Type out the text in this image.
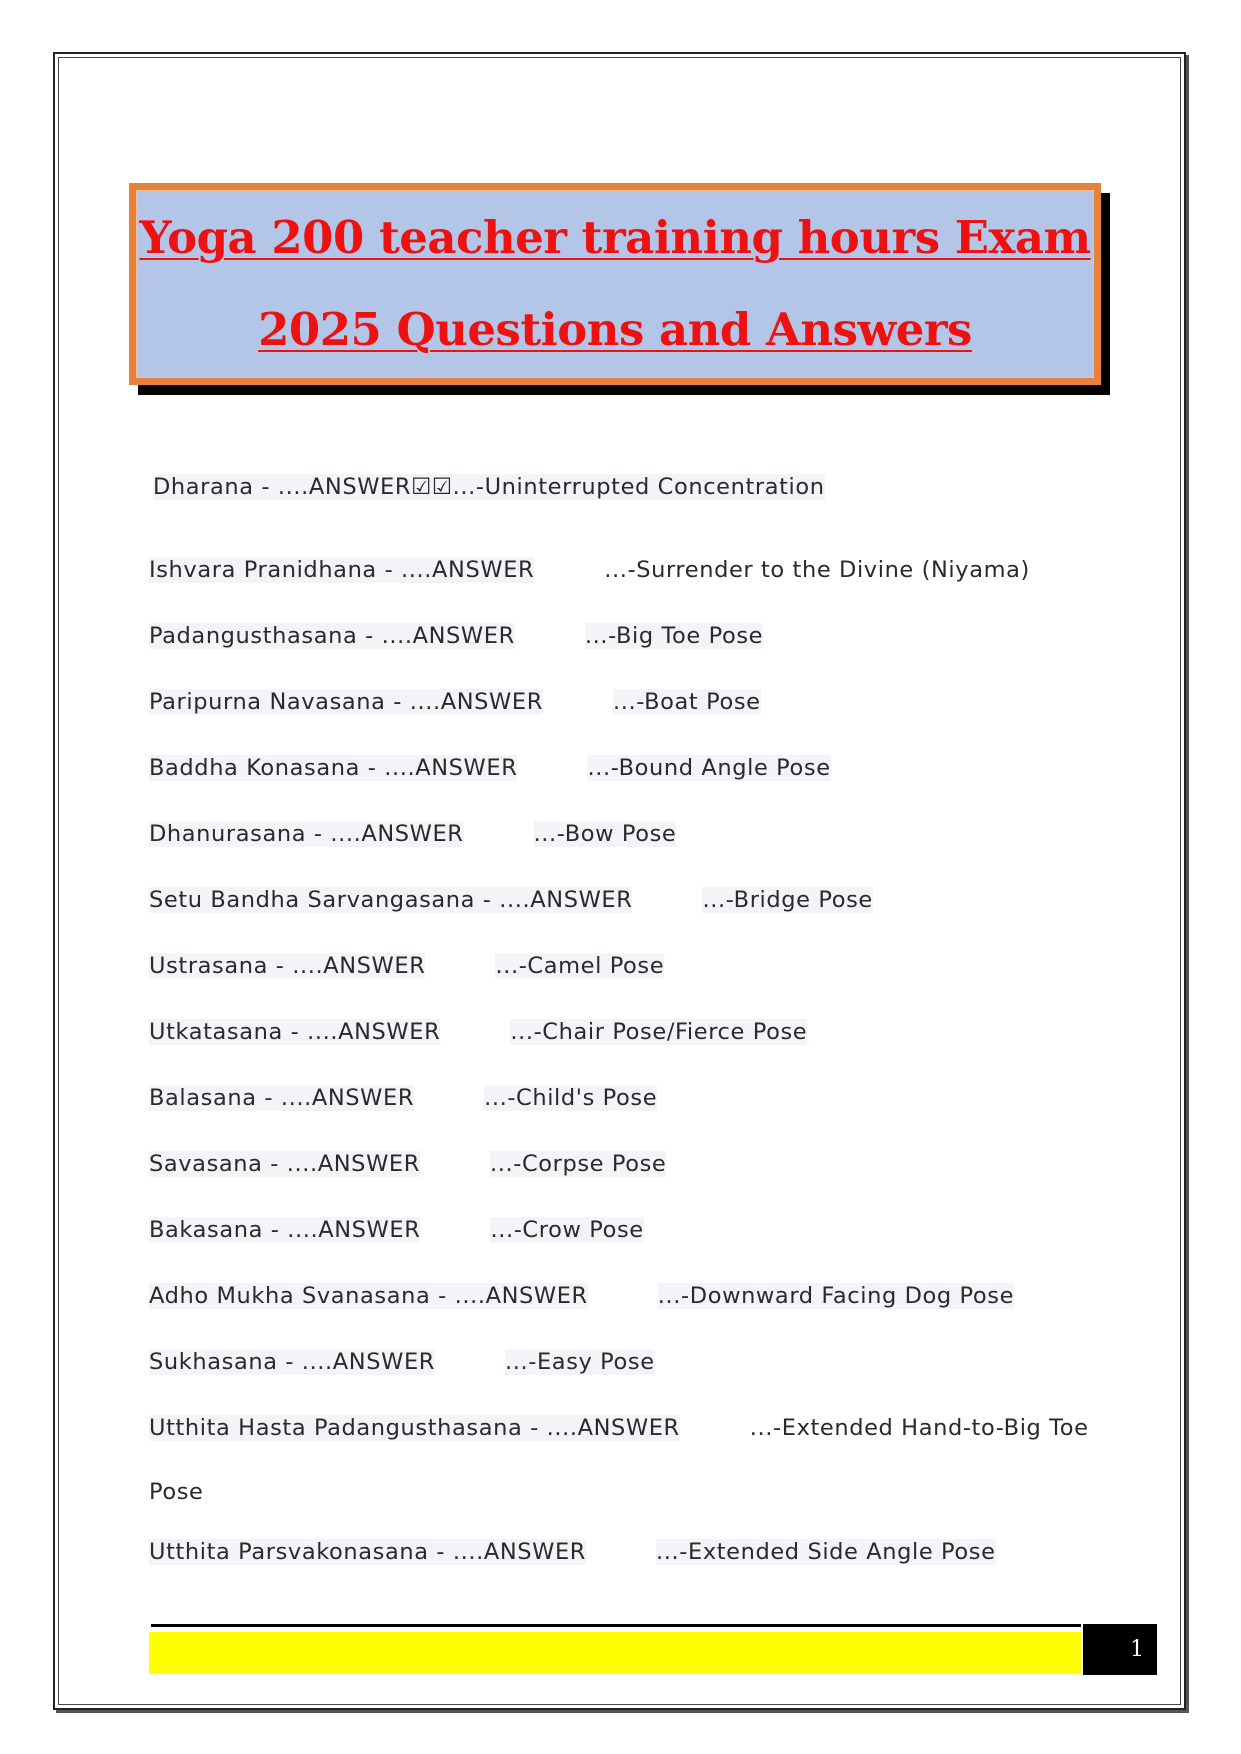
Yoga 200 teacher training hours Exam
2025 Questions and Answers
Dharana - ....ANSWER☑☑...-Uninterrupted Concentration
Ishvara Pranidhana - ....ANSWER	...-Surrender to the Divine (Niyama)
Padangusthasana - ....ANSWER	...-Big Toe Pose
Paripurna Navasana - ....ANSWER	...-Boat Pose
Baddha Konasana - ....ANSWER	...-Bound Angle Pose
Dhanurasana - ....ANSWER	...-Bow Pose
Setu Bandha Sarvangasana - ....ANSWER	...-Bridge Pose
Ustrasana - ....ANSWER	...-Camel Pose
Utkatasana - ....ANSWER	...-Chair Pose/Fierce Pose
Balasana - ....ANSWER	...-Child's Pose
Savasana - ....ANSWER	...-Corpse Pose
Bakasana - ....ANSWER	...-Crow Pose
Adho Mukha Svanasana - ....ANSWER	...-Downward Facing Dog Pose
Sukhasana - ....ANSWER	...-Easy Pose
Utthita Hasta Padangusthasana - ....ANSWER	...-Extended Hand-to-Big Toe
Pose
Utthita Parsvakonasana - ....ANSWER	...-Extended Side Angle Pose
1
